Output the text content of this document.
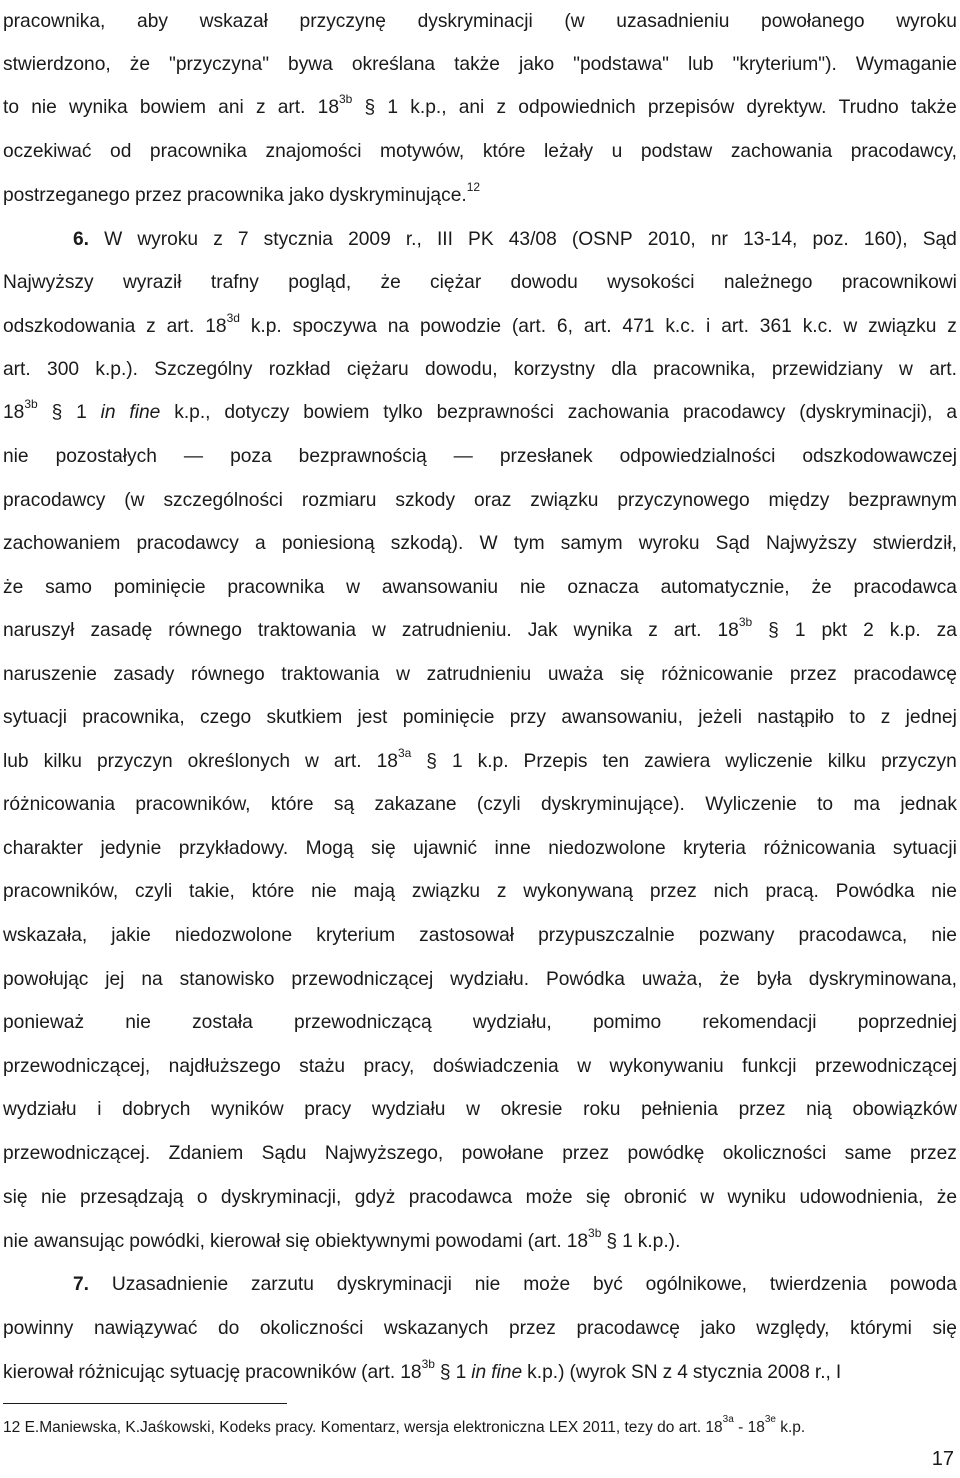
pracownika, aby wskazał przyczynę dyskryminacji (w uzasadnieniu powołanego wyroku
stwierdzono, że "przyczyna" bywa określana także jako "podstawa" lub "kryterium"). Wymaganie
to nie wynika bowiem ani z art. $18^{3b}$ § 1 k.p., ani z odpowiednich przepisów dyrektyw. Trudno także
oczekiwać od pracownika znajomości motywów, które leżały u podstaw zachowania pracodawcy,
postrzeganego przez pracownika jako dyskryminujące.$^{12}$
6. W wyroku z 7 stycznia 2009 r., III PK 43/08 (OSNP 2010, nr 13-14, poz. 160), Sąd
Najwyższy wyraził trafny pogląd, że ciężar dowodu wysokości należnego pracownikowi
odszkodowania z art. $18^{3d}$ k.p. spoczywa na powodzie (art. 6, art. 471 k.c. i art. 361 k.c. w związku z
art. 300 k.p.). Szczególny rozkład ciężaru dowodu, korzystny dla pracownika, przewidziany w art.
$18^{3b}$ § 1 in fine k.p., dotyczy bowiem tylko bezprawności zachowania pracodawcy (dyskryminacji), a
nie pozostałych — poza bezprawnością — przesłanek odpowiedzialności odszkodowawczej
pracodawcy (w szczególności rozmiaru szkody oraz związku przyczynowego między bezprawnym
zachowaniem pracodawcy a poniesioną szkodą). W tym samym wyroku Sąd Najwyższy stwierdził,
że samo pominięcie pracownika w awansowaniu nie oznacza automatycznie, że pracodawca
naruszył zasadę równego traktowania w zatrudnieniu. Jak wynika z art. $18^{3b}$ § 1 pkt 2 k.p. za
naruszenie zasady równego traktowania w zatrudnieniu uważa się różnicowanie przez pracodawcę
sytuacji pracownika, czego skutkiem jest pominięcie przy awansowaniu, jeżeli nastąpiło to z jednej
lub kilku przyczyn określonych w art. $18^{3a}$ § 1 k.p. Przepis ten zawiera wyliczenie kilku przyczyn
różnicowania pracowników, które są zakazane (czyli dyskryminujące). Wyliczenie to ma jednak
charakter jedynie przykładowy. Mogą się ujawnić inne niedozwolone kryteria różnicowania sytuacji
pracowników, czyli takie, które nie mają związku z wykonywaną przez nich pracą. Powódka nie
wskazała, jakie niedozwolone kryterium zastosował przypuszczalnie pozwany pracodawca, nie
powołując jej na stanowisko przewodniczącej wydziału. Powódka uważa, że była dyskryminowana,
ponieważ nie została przewodniczącą wydziału, pomimo rekomendacji poprzedniej
przewodniczącej, najdłuższego stażu pracy, doświadczenia w wykonywaniu funkcji przewodniczącej
wydziału i dobrych wyników pracy wydziału w okresie roku pełnienia przez nią obowiązków
przewodniczącej. Zdaniem Sądu Najwyższego, powołane przez powódkę okoliczności same przez
się nie przesądzają o dyskryminacji, gdyż pracodawca może się obronić w wyniku udowodnienia, że
nie awansując powódki, kierował się obiektywnymi powodami (art. $18^{3b}$ § 1 k.p.).
7. Uzasadnienie zarzutu dyskryminacji nie może być ogólnikowe, twierdzenia powoda
powinny nawiązywać do okoliczności wskazanych przez pracodawcę jako względy, którymi się
kierował różnicując sytuację pracowników (art. $18^{3b}$ § 1 in fine k.p.) (wyrok SN z 4 stycznia 2008 r., I
12 E.Maniewska, K.Jaśkowski, Kodeks pracy. Komentarz, wersja elektroniczna LEX 2011, tezy do art. $18^{3a} - 18^{3e}$ k.p.
17
